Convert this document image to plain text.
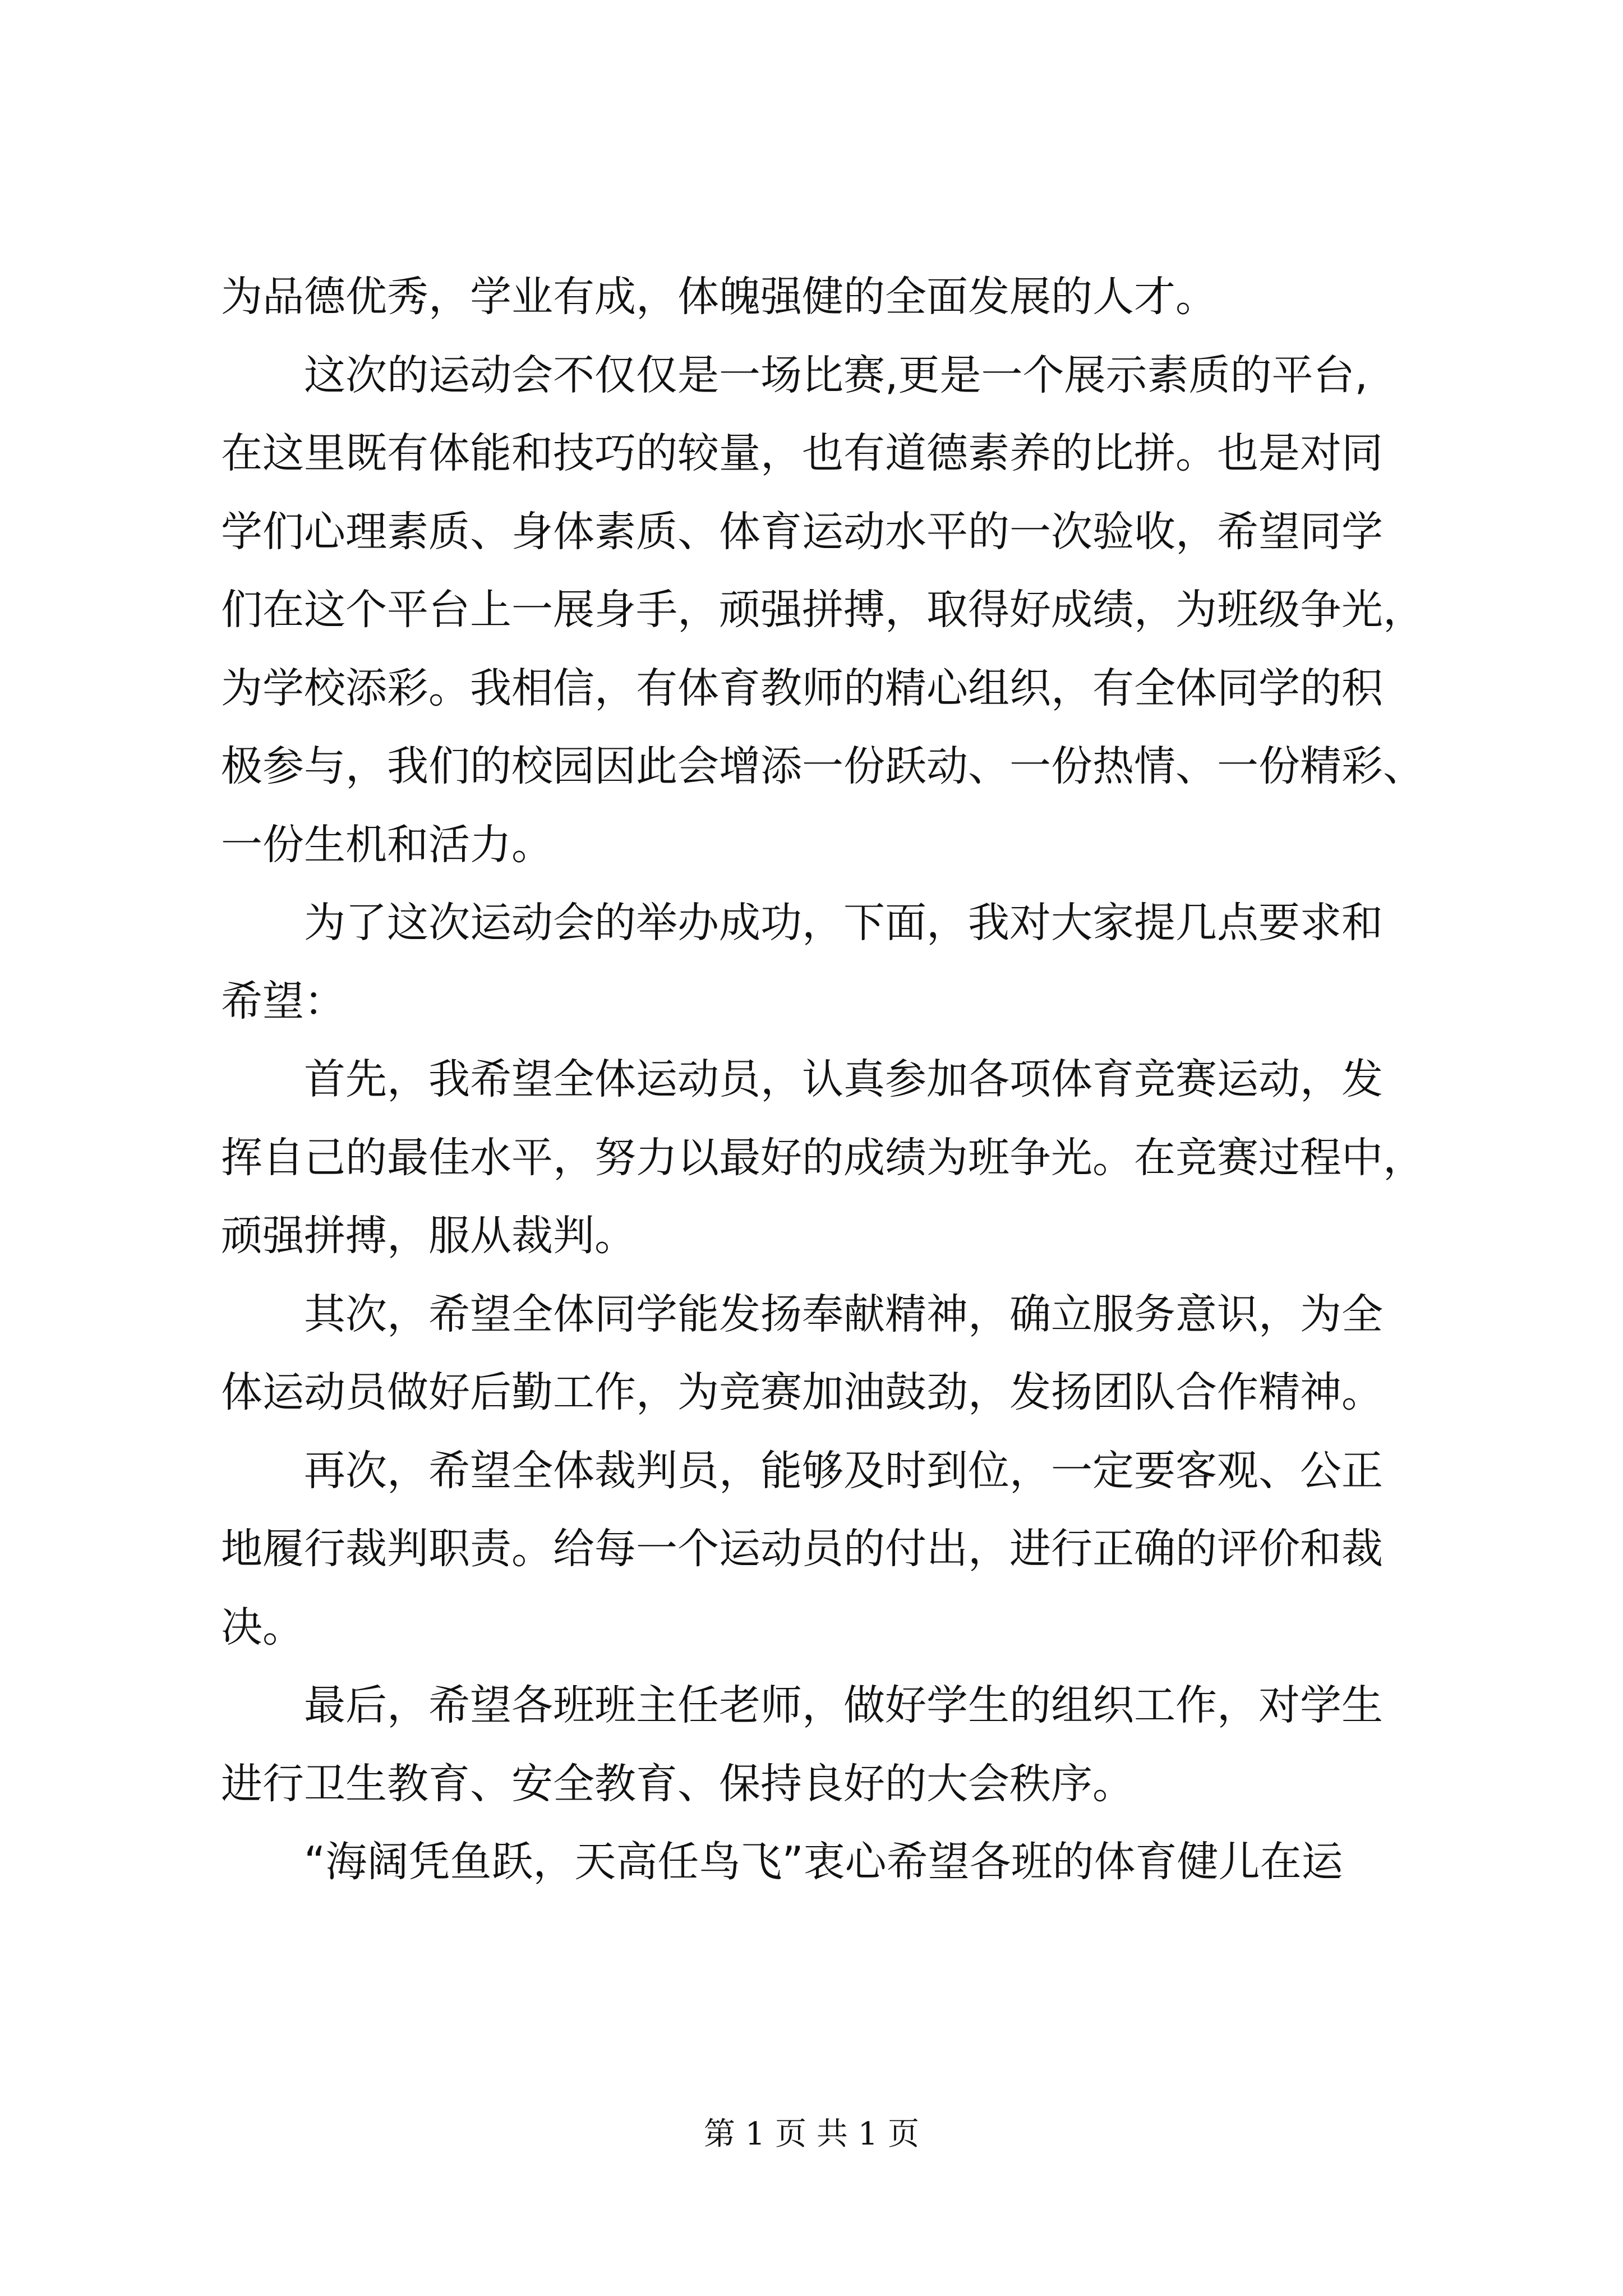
为品德优秀，学业有成，体魄强健的全面发展的人才。

这次的运动会不仅仅是一场比赛,更是一个展示素质的平台,

在这里既有体能和技巧的较量，也有道德素养的比拼。也是对同

学们心理素质、身体素质、体育运动水平的一次验收，希望同学

们在这个平台上一展身手，顽强拼搏，取得好成绩，为班级争光，

为学校添彩。我相信，有体育教师的精心组织，有全体同学的积

极参与，我们的校园因此会增添一份跃动、一份热情、一份精彩、

一份生机和活力。

为了这次运动会的举办成功，下面，我对大家提几点要求和

希望：

首先，我希望全体运动员，认真参加各项体育竞赛运动，发

挥自己的最佳水平，努力以最好的成绩为班争光。在竞赛过程中，

顽强拼搏，服从裁判。

其次，希望全体同学能发扬奉献精神，确立服务意识，为全

体运动员做好后勤工作，为竞赛加油鼓劲，发扬团队合作精神。

再次，希望全体裁判员，能够及时到位，一定要客观、公正

地履行裁判职责。给每一个运动员的付出，进行正确的评价和裁

决。

最后，希望各班班主任老师，做好学生的组织工作，对学生

进行卫生教育、安全教育、保持良好的大会秩序。

“海阔凭鱼跃，天高任鸟飞”衷心希望各班的体育健儿在运

第 1 页 共 1 页
